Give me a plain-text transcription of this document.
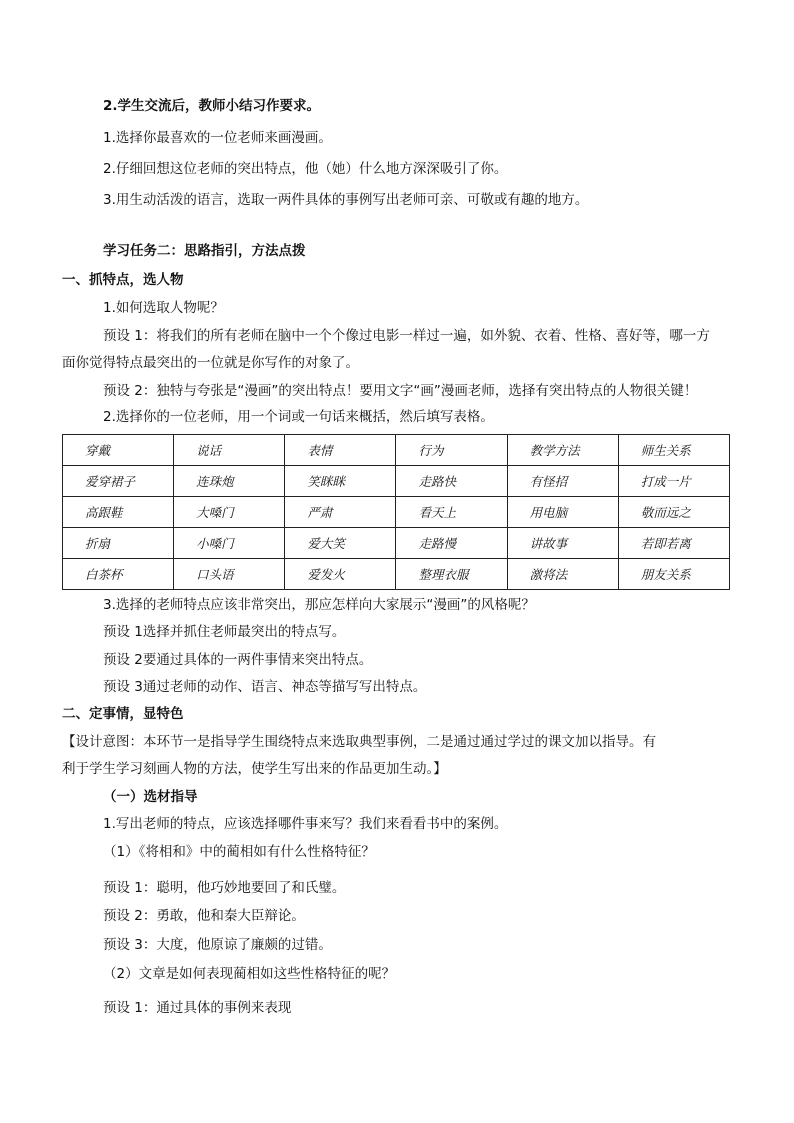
2.学生交流后，教师小结习作要求。
1.选择你最喜欢的一位老师来画漫画。
2.仔细回想这位老师的突出特点，他（她）什么地方深深吸引了你。
3.用生动活泼的语言，选取一两件具体的事例写出老师可亲、可敬或有趣的地方。
学习任务二：思路指引，方法点拨
一、抓特点，选人物
1.如何选取人物呢？
预设 1：将我们的所有老师在脑中一个个像过电影一样过一遍，如外貌、衣着、性格、喜好等，哪一方
面你觉得特点最突出的一位就是你写作的对象了。
预设 2：独特与夸张是“漫画”的突出特点！要用文字“画”漫画老师，选择有突出特点的人物很关键！
2.选择你的一位老师，用一个词或一句话来概括，然后填写表格。
穿戴	说话	表情	行为	教学方法	师生关系
爱穿裙子	连珠炮	笑眯眯	走路快	有怪招	打成一片
高跟鞋	大嗓门	严肃	看天上	用电脑	敬而远之
折扇	小嗓门	爱大笑	走路慢	讲故事	若即若离
白茶杯	口头语	爱发火	整理衣服	激将法	朋友关系
3.选择的老师特点应该非常突出，那应怎样向大家展示“漫画”的风格呢？
预设 1选择并抓住老师最突出的特点写。
预设 2要通过具体的一两件事情来突出特点。
预设 3通过老师的动作、语言、神态等描写写出特点。
二、定事情，显特色
【设计意图：本环节一是指导学生围绕特点来选取典型事例，二是通过通过学过的课文加以指导。有
利于学生学习刻画人物的方法，使学生写出来的作品更加生动。】
（一）选材指导
1.写出老师的特点，应该选择哪件事来写？我们来看看书中的案例。
（1）《将相和》中的蔺相如有什么性格特征？
预设 1：聪明，他巧妙地要回了和氏璧。
预设 2：勇敢，他和秦大臣辩论。
预设 3：大度，他原谅了廉颇的过错。
（2）文章是如何表现蔺相如这些性格特征的呢？
预设 1：通过具体的事例来表现
